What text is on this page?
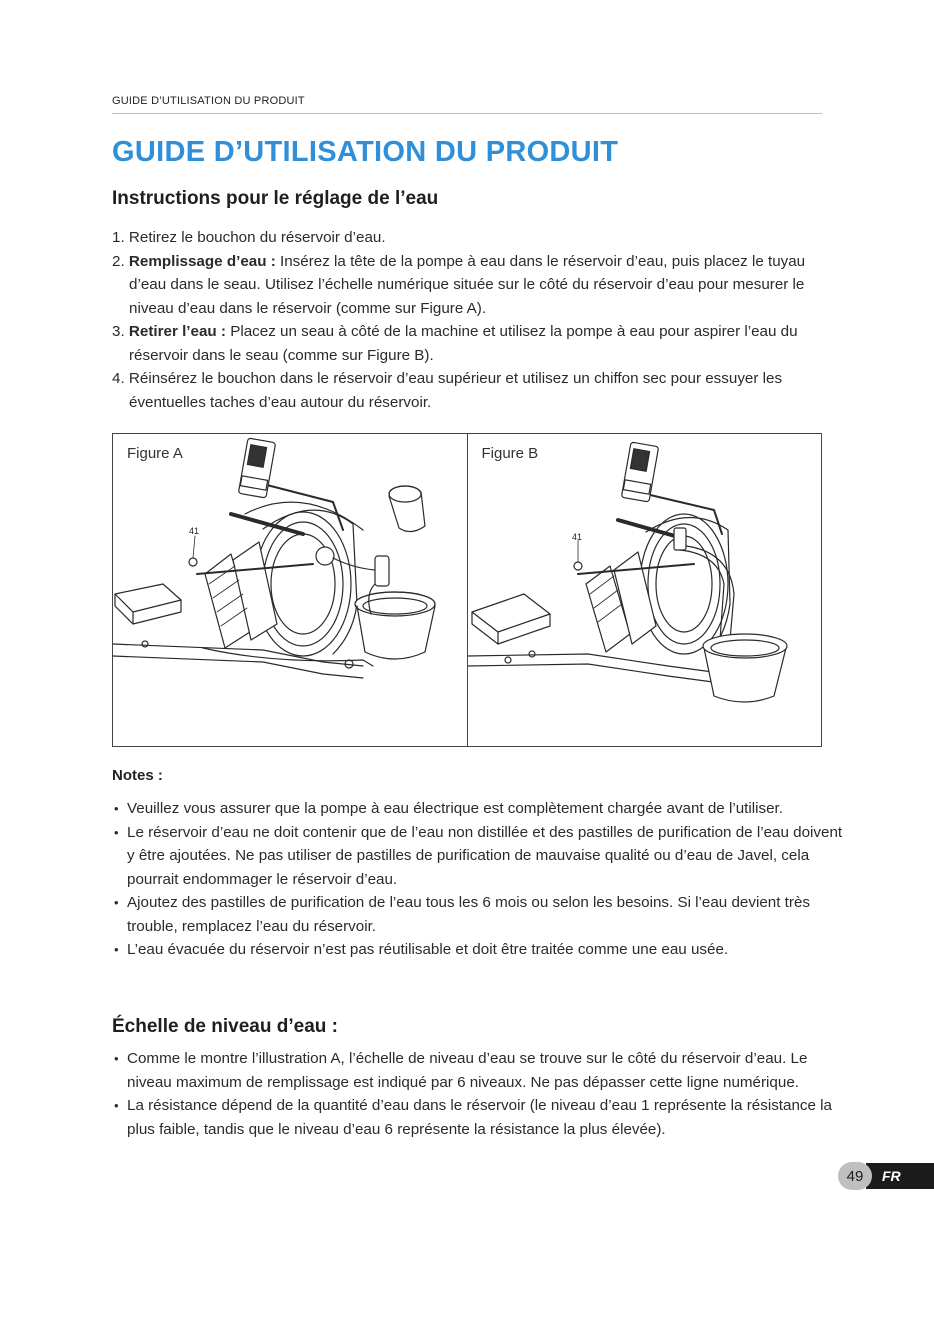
GUIDE D’UTILISATION DU PRODUIT
GUIDE D’UTILISATION DU PRODUIT
Instructions pour le réglage de l’eau
1. Retirez le bouchon du réservoir d’eau.
2. Remplissage d’eau : Insérez la tête de la pompe à eau dans le réservoir d’eau, puis placez le tuyau d’eau dans le seau. Utilisez l’échelle numérique située sur le côté du réservoir d’eau pour mesurer le niveau d’eau dans le réservoir (comme sur Figure A).
3. Retirer l’eau : Placez un seau à côté de la machine et utilisez la pompe à eau pour aspirer l’eau du réservoir dans le seau (comme sur Figure B).
4. Réinsérez le bouchon dans le réservoir d’eau supérieur et utilisez un chiffon sec pour essuyer les éventuelles taches d’eau autour du réservoir.
Figure A
41
Figure B
41
Notes :
• Veuillez vous assurer que la pompe à eau électrique est complètement chargée avant de l’utiliser.
• Le réservoir d’eau ne doit contenir que de l’eau non distillée et des pastilles de purification de l’eau doivent y être ajoutées. Ne pas utiliser de pastilles de purification de mauvaise qualité ou d’eau de Javel, cela pourrait endommager le réservoir d’eau.
• Ajoutez des pastilles de purification de l’eau tous les 6 mois ou selon les besoins. Si l’eau devient très trouble, remplacez l’eau du réservoir.
• L’eau évacuée du réservoir n’est pas réutilisable et doit être traitée comme une eau usée.
Échelle de niveau d’eau :
• Comme le montre l’illustration A, l’échelle de niveau d’eau se trouve sur le côté du réservoir d’eau. Le niveau maximum de remplissage est indiqué par 6 niveaux. Ne pas dépasser cette ligne numérique.
• La résistance dépend de la quantité d’eau dans le réservoir (le niveau d’eau 1 représente la résistance la plus faible, tandis que le niveau d’eau 6 représente la résistance la plus élevée).
49	FR
